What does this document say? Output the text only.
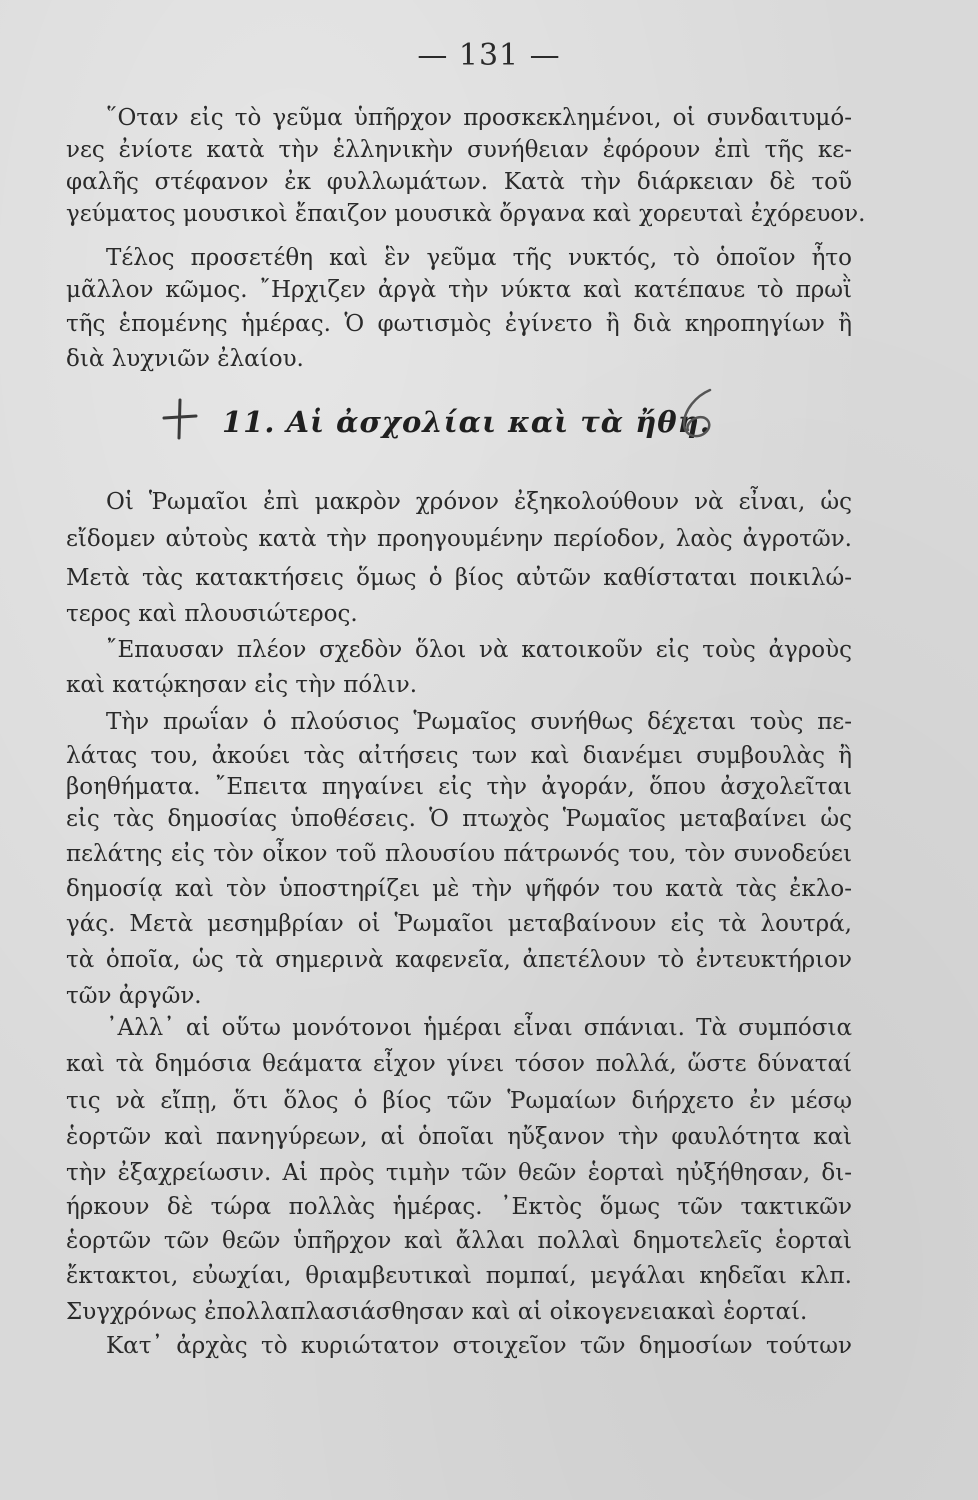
— 131 —
῞Οταν εἰς τὸ γεῦμα ὑπῆρχον προσκεκλημένοι, οἱ συνδαιτυμό-
νες ἐνίοτε κατὰ τὴν ἑλληνικὴν συνήθειαν ἐφόρουν ἐπὶ τῆς κε-
φαλῆς στέφανον ἐκ φυλλωμάτων. Κατὰ τὴν διάρκειαν δὲ τοῦ
γεύματος μουσικοὶ ἔπαιζον μουσικὰ ὄργανα καὶ χορευταὶ ἐχόρευον.
Τέλος προσετέθη καὶ ἓν γεῦμα τῆς νυκτός, τὸ ὁποῖον ἦτο
μᾶλλον κῶμος. ῎Ηρχιζεν ἀργὰ τὴν νύκτα καὶ κατέπαυε τὸ πρωῒ
τῆς ἑπομένης ἡμέρας. Ὁ φωτισμὸς ἐγίνετο ἢ διὰ κηροπηγίων ἢ
διὰ λυχνιῶν ἐλαίου.
11. Αἱ ἀσχολίαι καὶ τὰ ἤθη.
Οἱ Ῥωμαῖοι ἐπὶ μακρὸν χρόνον ἐξηκολούθουν νὰ εἶναι, ὡς
εἴδομεν αὐτοὺς κατὰ τὴν προηγουμένην περίοδον, λαὸς ἀγροτῶν.
Μετὰ τὰς κατακτήσεις ὅμως ὁ βίος αὐτῶν καθίσταται ποικιλώ-
τερος καὶ πλουσιώτερος.
῎Επαυσαν πλέον σχεδὸν ὅλοι νὰ κατοικοῦν εἰς τοὺς ἀγροὺς
καὶ κατῴκησαν εἰς τὴν πόλιν.
Τὴν πρωΐαν ὁ πλούσιος Ῥωμαῖος συνήθως δέχεται τοὺς πε-
λάτας του, ἀκούει τὰς αἰτήσεις των καὶ διανέμει συμβουλὰς ἢ
βοηθήματα. ῎Επειτα πηγαίνει εἰς τὴν ἀγοράν, ὅπου ἀσχολεῖται
εἰς τὰς δημοσίας ὑποθέσεις. Ὁ πτωχὸς Ῥωμαῖος μεταβαίνει ὡς
πελάτης εἰς τὸν οἶκον τοῦ πλουσίου πάτρωνός του, τὸν συνοδεύει
δημοσίᾳ καὶ τὸν ὑποστηρίζει μὲ τὴν ψῆφόν του κατὰ τὰς ἐκλο-
γάς. Μετὰ μεσημβρίαν οἱ Ῥωμαῖοι μεταβαίνουν εἰς τὰ λουτρά,
τὰ ὁποῖα, ὡς τὰ σημερινὰ καφενεῖα, ἀπετέλουν τὸ ἐντευκτήριον
τῶν ἀργῶν.
᾿Αλλ᾿ αἱ οὕτω μονότονοι ἡμέραι εἶναι σπάνιαι. Τὰ συμπόσια
καὶ τὰ δημόσια θεάματα εἶχον γίνει τόσον πολλά, ὥστε δύναταί
τις νὰ εἴπῃ, ὅτι ὅλος ὁ βίος τῶν Ῥωμαίων διήρχετο ἐν μέσῳ
ἑορτῶν καὶ πανηγύρεων, αἱ ὁποῖαι ηὔξανον τὴν φαυλότητα καὶ
τὴν ἐξαχρείωσιν. Αἱ πρὸς τιμὴν τῶν θεῶν ἑορταὶ ηὐξήθησαν, δι-
ήρκουν δὲ τώρα πολλὰς ἡμέρας. ᾿Εκτὸς ὅμως τῶν τακτικῶν
ἑορτῶν τῶν θεῶν ὑπῆρχον καὶ ἄλλαι πολλαὶ δημοτελεῖς ἑορταὶ
ἔκτακτοι, εὐωχίαι, θριαμβευτικαὶ πομπαί, μεγάλαι κηδεῖαι κλπ.
Συγχρόνως ἐπολλαπλασιάσθησαν καὶ αἱ οἰκογενειακαὶ ἑορταί.
Κατ᾿ ἀρχὰς τὸ κυριώτατον στοιχεῖον τῶν δημοσίων τούτων
